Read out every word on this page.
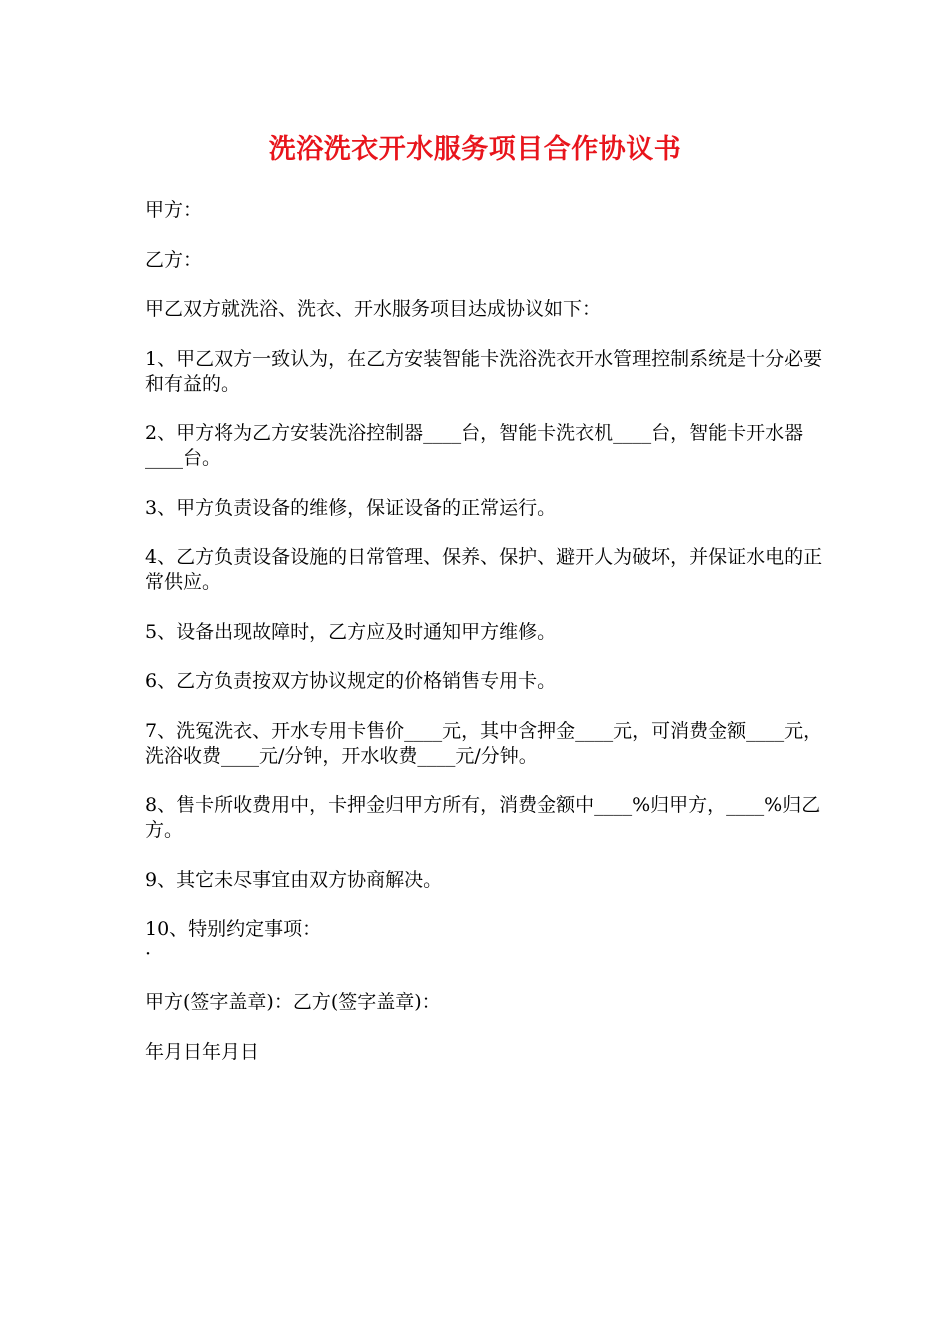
洗浴洗衣开水服务项目合作协议书

甲方：

乙方：

甲乙双方就洗浴、洗衣、开水服务项目达成协议如下：

1、甲乙双方一致认为，在乙方安装智能卡洗浴洗衣开水管理控制系统是十分必要和有益的。

2、甲方将为乙方安装洗浴控制器____台，智能卡洗衣机____台，智能卡开水器____台。

3、甲方负责设备的维修，保证设备的正常运行。

4、乙方负责设备设施的日常管理、保养、保护、避开人为破坏，并保证水电的正常供应。

5、设备出现故障时，乙方应及时通知甲方维修。

6、乙方负责按双方协议规定的价格销售专用卡。

7、洗冤洗衣、开水专用卡售价____元，其中含押金____元，可消费金额____元，洗浴收费____元/分钟，开水收费____元/分钟。

8、售卡所收费用中，卡押金归甲方所有，消费金额中____%归甲方，____%归乙方。

9、其它未尽事宜由双方协商解决。

10、特别约定事项：

·

甲方(签字盖章)：乙方(签字盖章)：

年月日年月日
